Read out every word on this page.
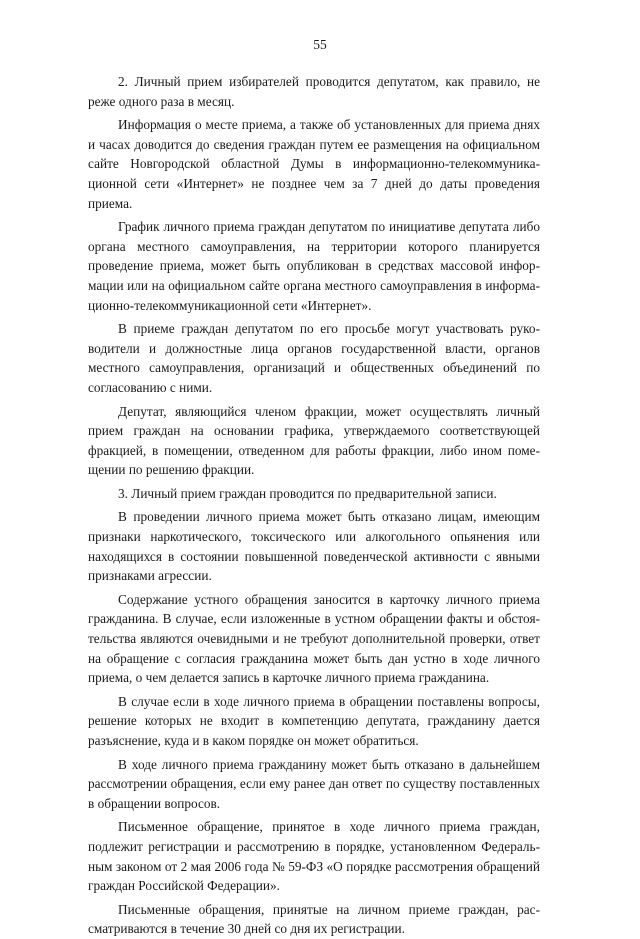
55

2. Личный прием избирателей проводится депутатом, как правило, не реже одного раза в месяц.

Информация о месте приема, а также об установленных для приема днях и часах доводится до сведения граждан путем ее размещения на официальном сайте Новгородской областной Думы в информационно-телекоммуникационной сети «Интернет» не позднее чем за 7 дней до даты проведения приема.

График личного приема граждан депутатом по инициативе депутата либо органа местного самоуправления, на территории которого планируется проведение приема, может быть опубликован в средствах массовой информации или на официальном сайте органа местного самоуправления в информационно-телекоммуникационной сети «Интернет».

В приеме граждан депутатом по его просьбе могут участвовать руководители и должностные лица органов государственной власти, органов местного самоуправления, организаций и общественных объединений по согласованию с ними.

Депутат, являющийся членом фракции, может осуществлять личный прием граждан на основании графика, утверждаемого соответствующей фракцией, в помещении, отведенном для работы фракции, либо ином помещении по решению фракции.

3. Личный прием граждан проводится по предварительной записи.

В проведении личного приема может быть отказано лицам, имеющим признаки наркотического, токсического или алкогольного опьянения или находящихся в состоянии повышенной поведенческой активности с явными признаками агрессии.

Содержание устного обращения заносится в карточку личного приема гражданина. В случае, если изложенные в устном обращении факты и обстоятельства являются очевидными и не требуют дополнительной проверки, ответ на обращение с согласия гражданина может быть дан устно в ходе личного приема, о чем делается запись в карточке личного приема гражданина.

В случае если в ходе личного приема в обращении поставлены вопросы, решение которых не входит в компетенцию депутата, гражданину дается разъяснение, куда и в каком порядке он может обратиться.

В ходе личного приема гражданину может быть отказано в дальнейшем рассмотрении обращения, если ему ранее дан ответ по существу поставленных в обращении вопросов.

Письменное обращение, принятое в ходе личного приема граждан, подлежит регистрации и рассмотрению в порядке, установленном Федеральным законом от 2 мая 2006 года № 59-ФЗ «О порядке рассмотрения обращений граждан Российской Федерации».

Письменные обращения, принятые на личном приеме граждан, рассматриваются в течение 30 дней со дня их регистрации.
